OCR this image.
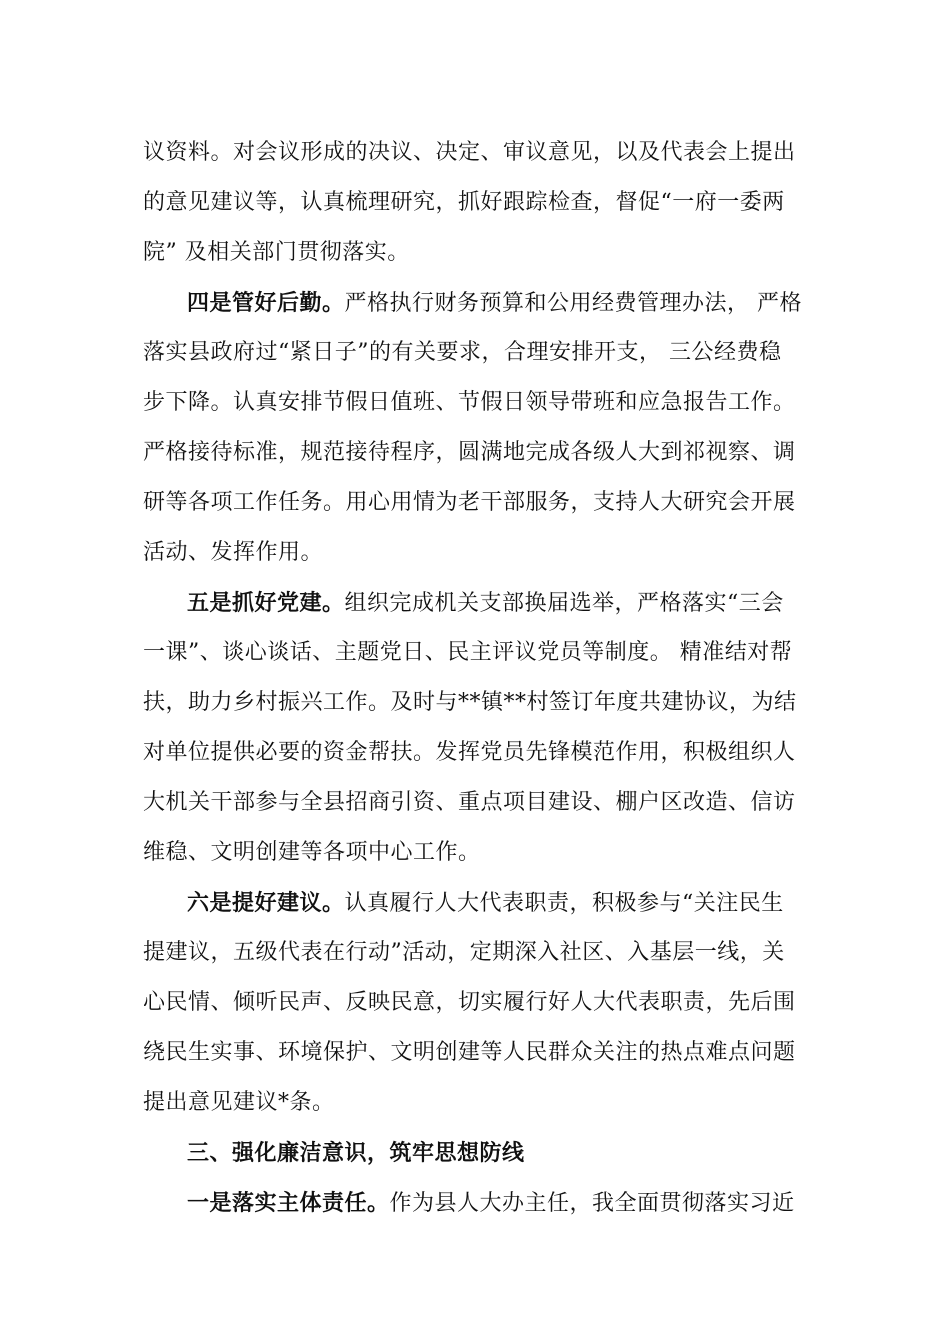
议资料。对会议形成的决议、决定、审议意见，以及代表会上提出
的意见建议等，认真梳理研究，抓好跟踪检查，督促“一府一委两
院” 及相关部门贯彻落实。
四是管好后勤。严格执行财务预算和公用经费管理办法， 严格
落实县政府过“紧日子”的有关要求，合理安排开支， 三公经费稳
步下降。认真安排节假日值班、节假日领导带班和应急报告工作。
严格接待标准，规范接待程序，圆满地完成各级人大到祁视察、调
研等各项工作任务。用心用情为老干部服务，支持人大研究会开展
活动、发挥作用。
五是抓好党建。组织完成机关支部换届选举，严格落实“三会
一课”、谈心谈话、主题党日、民主评议党员等制度。 精准结对帮
扶，助力乡村振兴工作。及时与**镇**村签订年度共建协议，为结
对单位提供必要的资金帮扶。发挥党员先锋模范作用，积极组织人
大机关干部参与全县招商引资、重点项目建设、棚户区改造、信访
维稳、文明创建等各项中心工作。
六是提好建议。认真履行人大代表职责，积极参与“关注民生
提建议，五级代表在行动”活动，定期深入社区、入基层一线，关
心民情、倾听民声、反映民意，切实履行好人大代表职责，先后围
绕民生实事、环境保护、文明创建等人民群众关注的热点难点问题
提出意见建议*条。
三、强化廉洁意识，筑牢思想防线
一是落实主体责任。作为县人大办主任，我全面贯彻落实习近
